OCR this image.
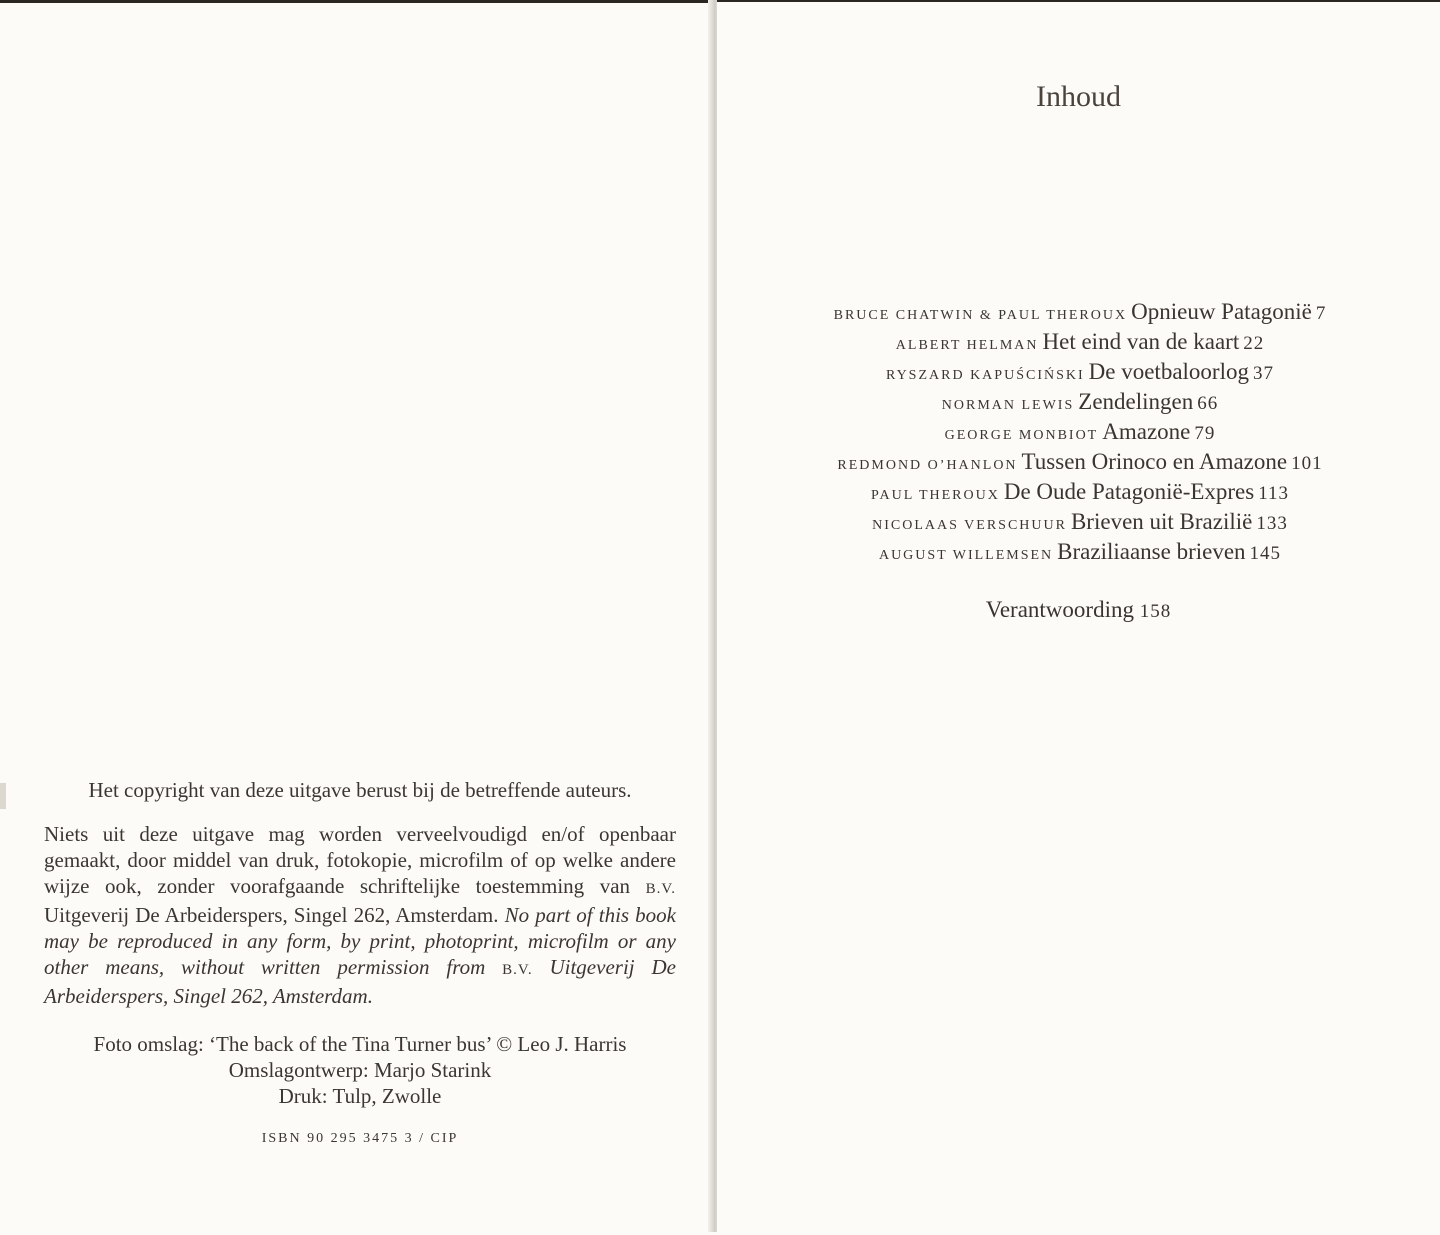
Het copyright van deze uitgave berust bij de betreffende auteurs.

Niets uit deze uitgave mag worden verveelvoudigd en/of openbaar gemaakt, door middel van druk, fotokopie, microfilm of op welke andere wijze ook, zonder voorafgaande schriftelijke toestemming van B.V. Uitgeverij De Arbeiderspers, Singel 262, Amsterdam. No part of this book may be reproduced in any form, by print, photoprint, microfilm or any other means, without written permission from B.V. Uitgeverij De Arbeiderspers, Singel 262, Amsterdam.

Foto omslag: ‘The back of the Tina Turner bus’ © Leo J. Harris
Omslagontwerp: Marjo Starink
Druk: Tulp, Zwolle
ISBN 90 295 3475 3 / CIP
Inhoud
BRUCE CHATWIN & PAUL THEROUX Opnieuw Patagonië 7
ALBERT HELMAN Het eind van de kaart 22
RYSZARD KAPUŚCIŃSKI De voetbaloorlog 37
NORMAN LEWIS Zendelingen 66
GEORGE MONBIOT Amazone 79
REDMOND O’HANLON Tussen Orinoco en Amazone 101
PAUL THEROUX De Oude Patagonië-Expres 113
NICOLAAS VERSCHUUR Brieven uit Brazilië 133
AUGUST WILLEMSEN Braziliaanse brieven 145
Verantwoording 158
